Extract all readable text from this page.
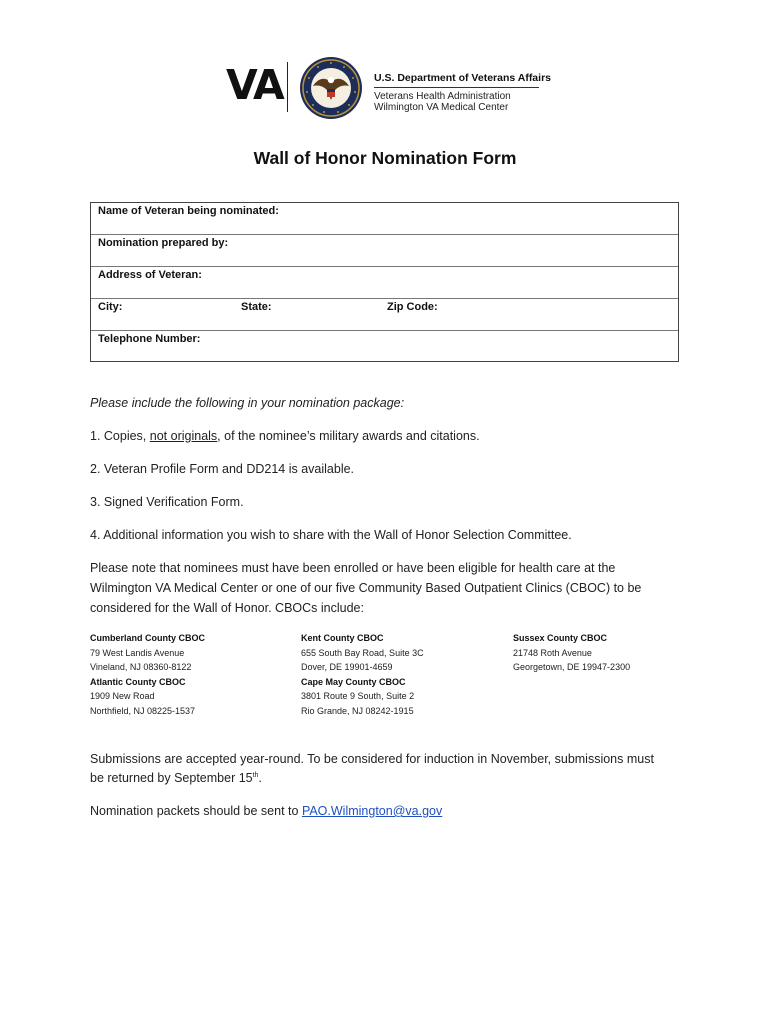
VA	U.S. Department of Veterans Affairs
Veterans Health Administration
Wilmington VA Medical Center
Wall of Honor Nomination Form
Name of Veteran being nominated:
Nomination prepared by:
Address of Veteran:
City:	State:	Zip Code:
Telephone Number:
Please include the following in your nomination package:
1. Copies, not originals, of the nominee’s military awards and citations.
2. Veteran Profile Form and DD214 is available.
3. Signed Verification Form.
4. Additional information you wish to share with the Wall of Honor Selection Committee.
Please note that nominees must have been enrolled or have been eligible for health care at the
Wilmington VA Medical Center or one of our five Community Based Outpatient Clinics (CBOC) to be
considered for the Wall of Honor. CBOCs include:
Cumberland County CBOC
79 West Landis Avenue
Vineland, NJ 08360-8122
Atlantic County CBOC
1909 New Road
Northfield, NJ 08225-1537
Kent County CBOC
655 South Bay Road, Suite 3C
Dover, DE 19901-4659
Cape May County CBOC
3801 Route 9 South, Suite 2
Rio Grande, NJ 08242-1915
Sussex County CBOC
21748 Roth Avenue
Georgetown, DE 19947-2300
Submissions are accepted year-round. To be considered for induction in November, submissions must
be returned by September 15th.
Nomination packets should be sent to PAO.Wilmington@va.gov
